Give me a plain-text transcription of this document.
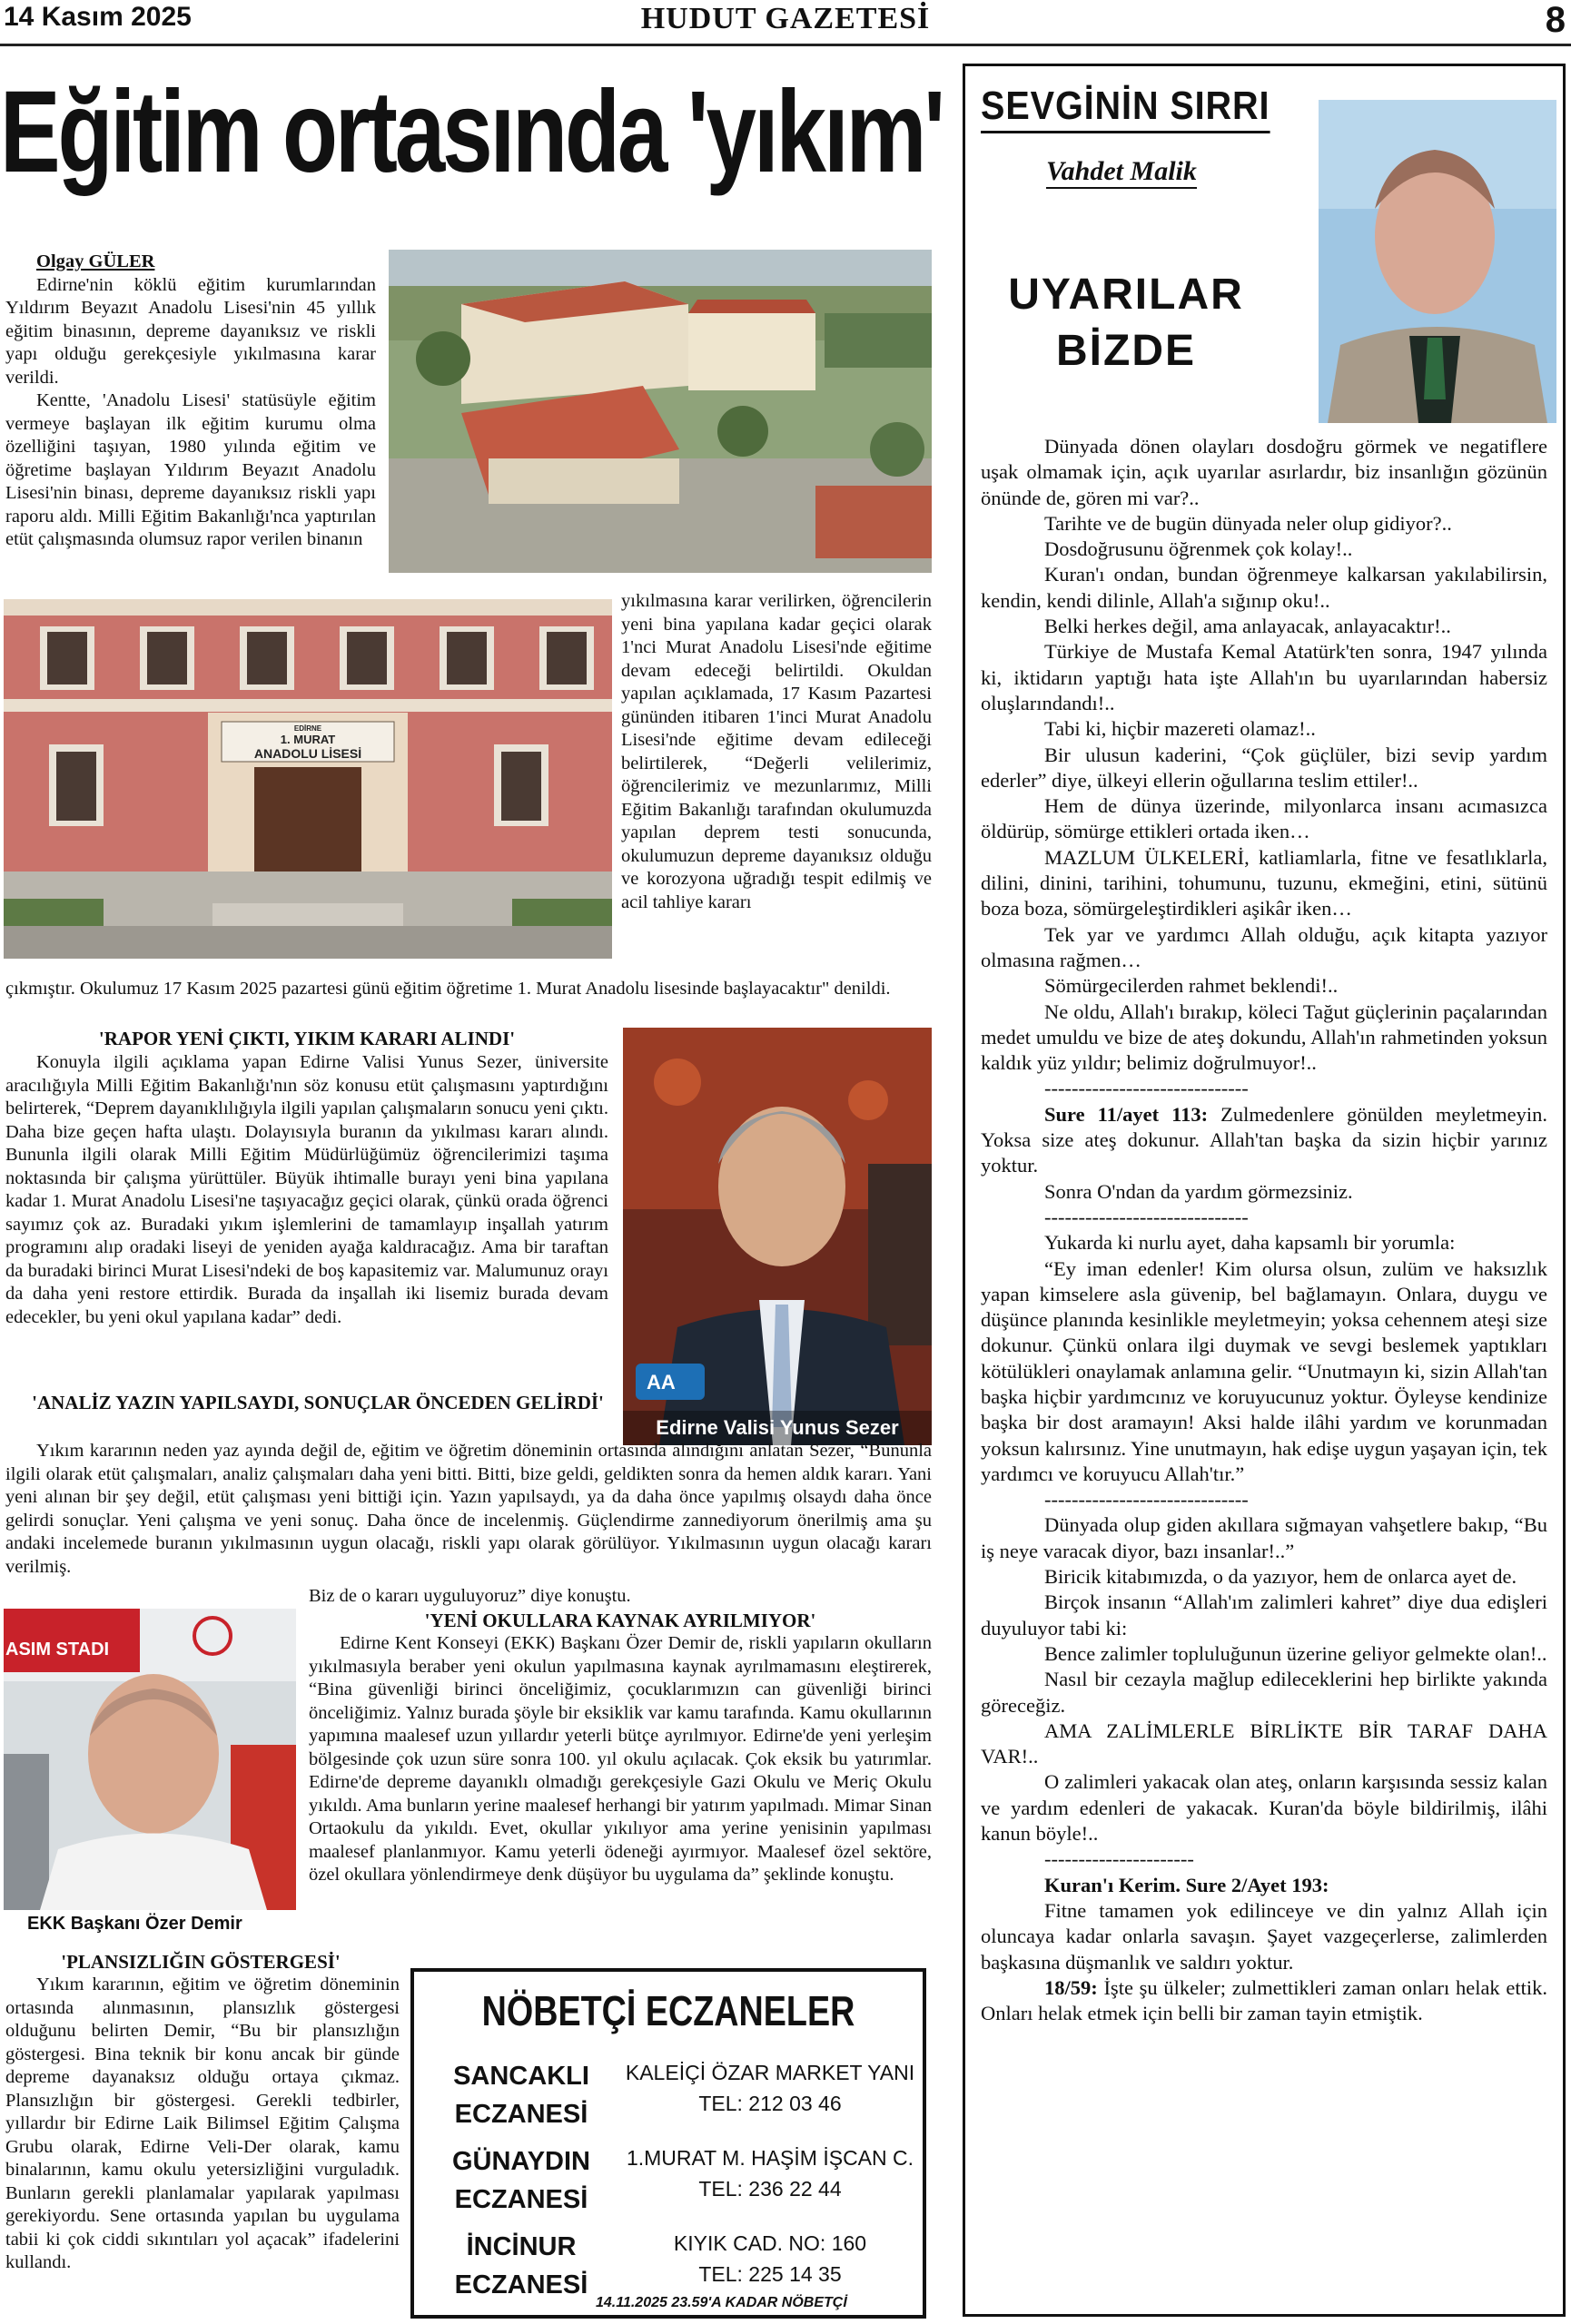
14 Kasım 2025	HUDUT GAZETESİ	8
Eğitim ortasında 'yıkım'
Olgay GÜLER

Edirne'nin köklü eğitim kurumlarından Yıldırım Beyazıt Anadolu Lisesi'nin 45 yıllık eğitim binasının, depreme dayanıksız ve riskli yapı olduğu gerekçesiyle yıkılmasına karar verildi.

Kentte, 'Anadolu Lisesi' statüsüyle eğitim vermeye başlayan ilk eğitim kurumu olma özelliğini taşıyan, 1980 yılında eğitim ve öğretime başlayan Yıldırım Beyazıt Anadolu Lisesi'nin binası, depreme dayanıksız riskli yapı raporu aldı. Milli Eğitim Bakanlığı'nca yaptırılan etüt çalışmasında olumsuz rapor verilen binanın

EDİRNE
1. MURAT
ANADOLU LİSESİ

yıkılmasına karar verilirken, öğrencilerin yeni bina yapılana kadar geçici olarak 1'nci Murat Anadolu Lisesi'nde eğitime devam edeceği belirtildi. Okuldan yapılan açıklamada, 17 Kasım Pazartesi gününden itibaren 1'inci Murat Anadolu Lisesi'nde eğitime devam edileceği belirtilerek, “Değerli velilerimiz, öğrencilerimiz ve mezunlarımız, Milli Eğitim Bakanlığı tarafından okulumuzda yapılan deprem testi sonucunda, okulumuzun depreme dayanıksız olduğu ve korozyona uğradığı tespit edilmiş ve acil tahliye kararı

çıkmıştır. Okulumuz 17 Kasım 2025 pazartesi günü eğitim öğretime 1. Murat Anadolu lisesinde başlayacaktır" denildi.

'RAPOR YENİ ÇIKTI, YIKIM KARARI ALINDI'

Konuyla ilgili açıklama yapan Edirne Valisi Yunus Sezer, üniversite aracılığıyla Milli Eğitim Bakanlığı'nın söz konusu etüt çalışmasını yaptırdığını belirterek, “Deprem dayanıklılığıyla ilgili yapılan çalışmaların sonucu yeni çıktı. Daha bize geçen hafta ulaştı. Dolayısıyla buranın da yıkılması kararı alındı. Bununla ilgili olarak Milli Eğitim Müdürlüğümüz öğrencilerimizi taşıma noktasında bir çalışma yürüttüler. Büyük ihtimalle burayı yeni bina yapılana kadar 1. Murat Anadolu Lisesi'ne taşıyacağız geçici olarak, çünkü orada öğrenci sayımız çok az. Buradaki yıkım işlemlerini de tamamlayıp inşallah yatırım programını alıp oradaki liseyi de yeniden ayağa kaldıracağız. Ama bir taraftan da buradaki birinci Murat Lisesi'ndeki de boş kapasitemiz var. Malumunuz orayı da daha yeni restore ettirdik. Burada da inşallah iki lisemiz burada devam edecekler, bu yeni okul yapılana kadar” dedi.

'ANALİZ YAZIN YAPILSAYDI, SONUÇLAR ÖNCEDEN GELİRDİ'
AA
Edirne Valisi Yunus Sezer

Yıkım kararının neden yaz ayında değil de, eğitim ve öğretim döneminin ortasında alındığını anlatan Sezer, “Bununla ilgili olarak etüt çalışmaları, analiz çalışmaları daha yeni bitti. Bitti, bize geldi, geldikten sonra da hemen aldık kararı. Yani yeni alınan bir şey değil, etüt çalışması yeni bittiği için. Yazın yapılsaydı, ya da daha önce yapılmış olsaydı daha önce gelirdi sonuçlar. Yeni çalışma ve yeni sonuç. Daha önce de incelenmiş. Güçlendirme zannediyorum önerilmiş ama şu andaki incelemede buranın yıkılmasının uygun olacağı, riskli yapı olarak görülüyor. Yıkılmasının uygun olacağı kararı verilmiş.

Biz de o kararı uyguluyoruz” diye konuştu.

ASIM STADI
EKK Başkanı Özer Demir
'YENİ OKULLARA KAYNAK AYRILMIYOR'

Edirne Kent Konseyi (EKK) Başkanı Özer Demir de, riskli yapıların okulların yıkılmasıyla beraber yeni okulun yapılmasına kaynak ayrılmamasını eleştirerek, “Bina güvenliği birinci önceliğimiz, çocuklarımızın can güvenliği birinci önceliğimiz. Yalnız burada şöyle bir eksiklik var kamu tarafında. Kamu okullarının yapımına maalesef uzun yıllardır yeterli bütçe ayrılmıyor. Edirne'de yeni yerleşim bölgesinde çok uzun süre sonra 100. yıl okulu açılacak. Çok eksik bu yatırımlar. Edirne'de depreme dayanıklı olmadığı gerekçesiyle Gazi Okulu ve Meriç Okulu yıkıldı. Ama bunların yerine maalesef herhangi bir yatırım yapılmadı. Mimar Sinan Ortaokulu da yıkıldı. Evet, okullar yıkılıyor ama yerine yenisinin yapılması maalesef planlanmıyor. Kamu yeterli ödeneği ayırmıyor. Maalesef özel sektöre, özel okullara yönlendirmeye denk düşüyor bu uygulama da” şeklinde konuştu.

'PLANSIZLIĞIN GÖSTERGESİ'

Yıkım kararının, eğitim ve öğretim döneminin ortasında alınmasının, plansızlık göstergesi olduğunu belirten Demir, “Bu bir plansızlığın göstergesi. Bina teknik bir konu ancak bir günde depreme dayanaksız olduğu ortaya çıkmaz. Plansızlığın bir göstergesi. Gerekli tedbirler, yıllardır bir Edirne Laik Bilimsel Eğitim Çalışma Grubu olarak, Edirne Veli-Der olarak, kamu binalarının, kamu okulu yetersizliğini vurguladık. Bunların gerekli planlamalar yapılarak yapılması gerekiyordu. Sene ortasında yapılan bu uygulama tabii ki çok ciddi sıkıntıları yol açacak” ifadelerini kullandı.

NÖBETÇİ ECZANELER
SANCAKLI
ECZANESİ
KALEİÇİ ÖZAR MARKET YANI
TEL: 212 03 46
GÜNAYDIN
ECZANESİ
1.MURAT M. HAŞİM İŞCAN C.
TEL: 236 22 44
İNCİNUR
ECZANESİ
KIYIK CAD. NO: 160
TEL: 225 14 35
14.11.2025 23.59'A KADAR NÖBETÇİ
SEVGİNİN SIRRI
Vahdet Malik
UYARILAR
BİZDE

Dünyada dönen olayları dosdoğru görmek ve negatiflere uşak olmamak için, açık uyarılar asırlardır, biz insanlığın gözünün önünde de, gören mi var?..

Tarihte ve de bugün dünyada neler olup gidiyor?..

Dosdoğrusunu öğrenmek çok kolay!..

Kuran'ı ondan, bundan öğrenmeye kalkarsan yakılabilirsin, kendin, kendi dilinle, Allah'a sığınıp oku!..

Belki herkes değil, ama anlayacak, anlayacaktır!..

Türkiye de Mustafa Kemal Atatürk'ten sonra, 1947 yılında ki, iktidarın yaptığı hata işte Allah'ın bu uyarılarından habersiz oluşlarındandı!..

Tabi ki, hiçbir mazereti olamaz!..

Bir ulusun kaderini, “Çok güçlüler, bizi sevip yardım ederler” diye, ülkeyi ellerin oğullarına teslim ettiler!..

Hem de dünya üzerinde, milyonlarca insanı acımasızca öldürüp, sömürge ettikleri ortada iken…

MAZLUM ÜLKELERİ, katliamlarla, fitne ve fesatlıklarla, dilini, dinini, tarihini, tohumunu, tuzunu, ekmeğini, etini, sütünü boza boza, sömürgeleştirdikleri aşikâr iken…

Tek yar ve yardımcı Allah olduğu, açık kitapta yazıyor olmasına rağmen…

Sömürgecilerden rahmet beklendi!..

Ne oldu, Allah'ı bırakıp, köleci Tağut güçlerinin paçalarından medet umuldu ve bize de ateş dokundu, Allah'ın rahmetinden yoksun kaldık yüz yıldır; belimiz doğrulmuyor!..

------------------------------

Sure 11/ayet 113: Zulmedenlere gönülden meyletmeyin. Yoksa size ateş dokunur. Allah'tan başka da sizin hiçbir yarınız yoktur.

Sonra O'ndan da yardım görmezsiniz.

------------------------------

Yukarda ki nurlu ayet, daha kapsamlı bir yorumla:

“Ey iman edenler! Kim olursa olsun, zulüm ve haksızlık yapan kimselere asla güvenip, bel bağlamayın. Onlara, duygu ve düşünce planında kesinlikle meyletmeyin; yoksa cehennem ateşi size dokunur. Çünkü onlara ilgi duymak ve sevgi beslemek yaptıkları kötülükleri onaylamak anlamına gelir. “Unutmayın ki, sizin Allah'tan başka hiçbir yardımcınız ve koruyucunuz yoktur. Öyleyse kendinize başka bir dost aramayın! Aksi halde ilâhi yardım ve korunmadan yoksun kalırsınız. Yine unutmayın, hak edişe uygun yaşayan için, tek yardımcı ve koruyucu Allah'tır.”

------------------------------

Dünyada olup giden akıllara sığmayan vahşetlere bakıp, “Bu iş neye varacak diyor, bazı insanlar!..”

Biricik kitabımızda, o da yazıyor, hem de onlarca ayet de.

Birçok insanın “Allah'ım zalimleri kahret” diye dua edişleri duyuluyor tabi ki:

Bence zalimler topluluğunun üzerine geliyor gelmekte olan!..

Nasıl bir cezayla mağlup edileceklerini hep birlikte yakında göreceğiz.

AMA ZALİMLERLE BİRLİKTE BİR TARAF DAHA VAR!..

O zalimleri yakacak olan ateş, onların karşısında sessiz kalan ve yardım edenleri de yakacak. Kuran'da böyle bildirilmiş, ilâhi kanun böyle!..

----------------------

Kuran'ı Kerim. Sure 2/Ayet 193:

Fitne tamamen yok edilinceye ve din yalnız Allah için oluncaya kadar onlarla savaşın. Şayet vazgeçerlerse, zalimlerden başkasına düşmanlık ve saldırı yoktur.

18/59: İşte şu ülkeler; zulmettikleri zaman onları helak ettik. Onları helak etmek için belli bir zaman tayin etmiştik.
